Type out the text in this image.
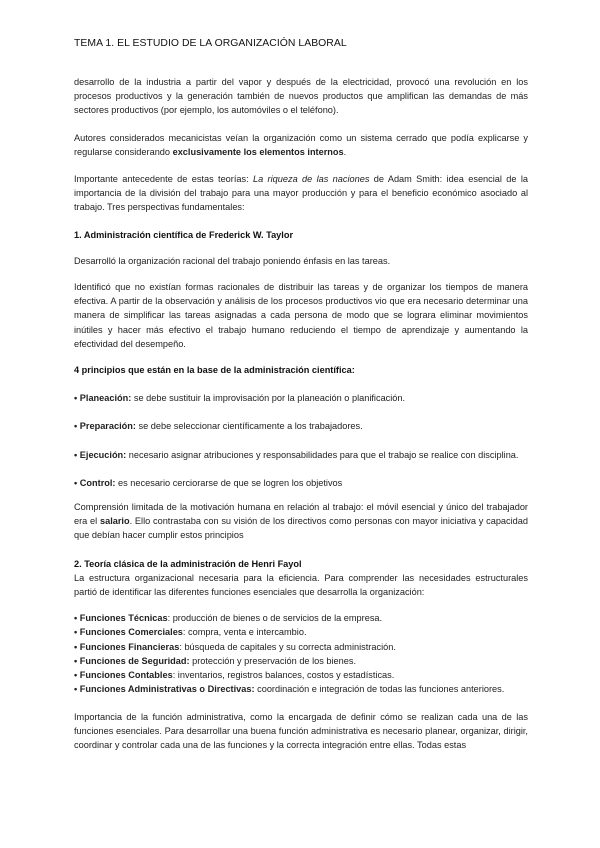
TEMA 1. EL ESTUDIO DE LA ORGANIZACIÓN LABORAL

desarrollo de la industria a partir del vapor y después de la electricidad, provocó una revolución en los procesos productivos y la generación también de nuevos productos que amplifican las demandas de más sectores productivos (por ejemplo, los automóviles o el teléfono).

Autores considerados mecanicistas veían la organización como un sistema cerrado que podía explicarse y regularse considerando exclusivamente los elementos internos.

Importante antecedente de estas teorías: La riqueza de las naciones de Adam Smith: idea esencial de la importancia de la división del trabajo para una mayor producción y para el beneficio económico asociado al trabajo. Tres perspectivas fundamentales:

1. Administración científica de Frederick W. Taylor

Desarrolló la organización racional del trabajo poniendo énfasis en las tareas.

Identificó que no existían formas racionales de distribuir las tareas y de organizar los tiempos de manera efectiva. A partir de la observación y análisis de los procesos productivos vio que era necesario determinar una manera de simplificar las tareas asignadas a cada persona de modo que se lograra eliminar movimientos inútiles y hacer más efectivo el trabajo humano reduciendo el tiempo de aprendizaje y aumentando la efectividad del desempeño.

4 principios que están en la base de la administración científica:

• Planeación: se debe sustituir la improvisación por la planeación o planificación.

• Preparación: se debe seleccionar científicamente a los trabajadores.

• Ejecución: necesario asignar atribuciones y responsabilidades para que el trabajo se realice con disciplina.

• Control: es necesario cerciorarse de que se logren los objetivos

Comprensión limitada de la motivación humana en relación al trabajo: el móvil esencial y único del trabajador era el salario. Ello contrastaba con su visión de los directivos como personas con mayor iniciativa y capacidad que debían hacer cumplir estos principios

2. Teoría clásica de la administración de Henri Fayol

La estructura organizacional necesaria para la eficiencia. Para comprender las necesidades estructurales partió de identificar las diferentes funciones esenciales que desarrolla la organización:

• Funciones Técnicas: producción de bienes o de servicios de la empresa.

• Funciones Comerciales: compra, venta e intercambio.

• Funciones Financieras: búsqueda de capitales y su correcta administración.

• Funciones de Seguridad: protección y preservación de los bienes.

• Funciones Contables: inventarios, registros balances, costos y estadísticas.

• Funciones Administrativas o Directivas: coordinación e integración de todas las funciones anteriores.

Importancia de la función administrativa, como la encargada de definir cómo se realizan cada una de las funciones esenciales. Para desarrollar una buena función administrativa es necesario planear, organizar, dirigir, coordinar y controlar cada una de las funciones y la correcta integración entre ellas. Todas estas
